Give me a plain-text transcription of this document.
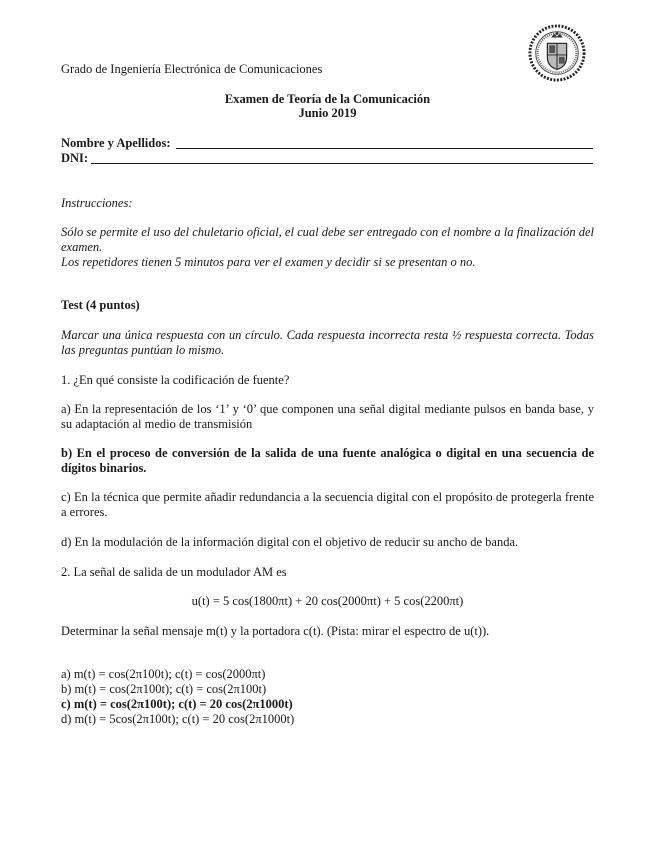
Grado de Ingeniería Electrónica de Comunicaciones
Examen de Teoría de la Comunicación
Junio 2019
Nombre y Apellidos:
DNI:
Instrucciones:
Sólo se permite el uso del chuletario oficial, el cual debe ser entregado con el nombre a la finalización del examen.
Los repetidores tienen 5 minutos para ver el examen y decidir si se presentan o no.
Test (4 puntos)
Marcar una única respuesta con un círculo. Cada respuesta incorrecta resta ½ respuesta correcta. Todas las preguntas puntúan lo mismo.
1. ¿En qué consiste la codificación de fuente?
a) En la representación de los ‘1’ y ‘0’ que componen una señal digital mediante pulsos en banda base, y su adaptación al medio de transmisión
b) En el proceso de conversión de la salida de una fuente analógica o digital en una secuencia de dígitos binarios.
c) En la técnica que permite añadir redundancia a la secuencia digital con el propósito de protegerla frente a errores.
d) En la modulación de la información digital con el objetivo de reducir su ancho de banda.
2. La señal de salida de un modulador AM es
u(t) = 5 cos(1800πt) + 20 cos(2000πt) + 5 cos(2200πt)
Determinar la señal mensaje m(t) y la portadora c(t). (Pista: mirar el espectro de u(t)).
a) m(t) = cos(2π100t); c(t) = cos(2000πt)
b) m(t) = cos(2π100t); c(t) = cos(2π100t)
c) m(t) = cos(2π100t); c(t) = 20 cos(2π1000t)
d) m(t) = 5cos(2π100t); c(t) = 20 cos(2π1000t)
